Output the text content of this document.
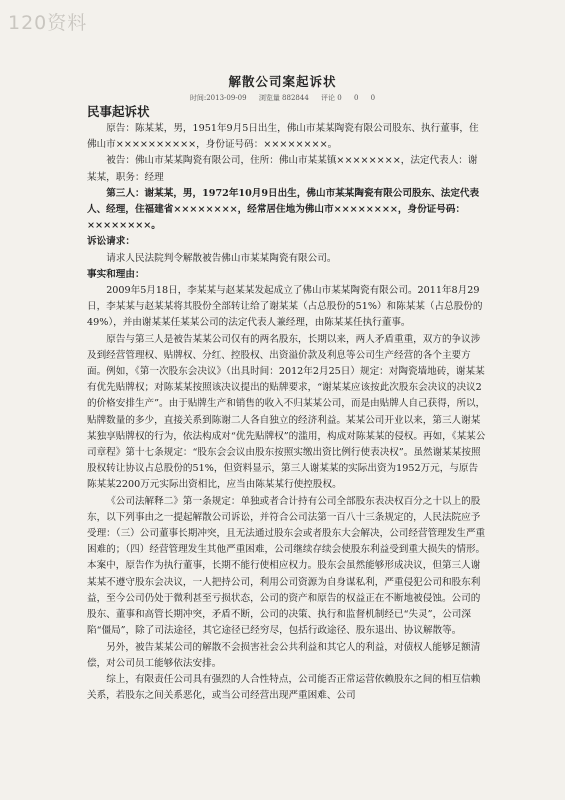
120资料
解散公司案起诉状
时间:2013-09-09 浏览量 882844 评论 0 0 0

民事起诉状

原告：陈某某，男，1951年9月5日出生，佛山市某某陶瓷有限公司股东、执行董事，住佛山市××××××××××，身份证号码：××××××××。

被告：佛山市某某陶瓷有限公司，住所：佛山市某某镇××××××××，法定代表人：谢某某，职务：经理

第三人：谢某某，男，1972年10月9日出生，佛山市某某陶瓷有限公司股东、法定代表人、经理，住福建省××××××××，经常居住地为佛山市××××××××，身份证号码：××××××××。

诉讼请求：

请求人民法院判令解散被告佛山市某某陶瓷有限公司。

事实和理由：

2009年5月18日，李某某与赵某某发起成立了佛山市某某陶瓷有限公司。2011年8月29日，李某某与赵某某将其股份全部转让给了谢某某（占总股份的51%）和陈某某（占总股份的49%），并由谢某某任某某公司的法定代表人兼经理，由陈某某任执行董事。

原告与第三人是被告某某公司仅有的两名股东，长期以来，两人矛盾重重，双方的争议涉及到经营管理权、贴牌权、分红、控股权、出资溢价款及利息等公司生产经营的各个主要方面。例如，《第一次股东会决议》（出具时间：2012年2月25日）规定：对陶瓷墙地砖，谢某某有优先贴牌权；对陈某某按照该决议提出的贴牌要求，“谢某某应该按此次股东会决议的决议2的价格安排生产”。由于贴牌生产和销售的收入不归某某公司，而是由贴牌人自己获得，所以，贴牌数量的多少，直接关系到陈谢二人各自独立的经济利益。某某公司开业以来，第三人谢某某独享贴牌权的行为，依法构成对“优先贴牌权”的滥用，构成对陈某某的侵权。再如，《某某公司章程》第十七条规定：“股东会会议由股东按照实缴出资比例行使表决权”。虽然谢某某按照股权转让协议占总股份的51%，但资料显示，第三人谢某某的实际出资为1952万元，与原告陈某某2200万元实际出资相比，应当由陈某某行使控股权。

《公司法解释二》第一条规定：单独或者合计持有公司全部股东表决权百分之十以上的股东，以下列事由之一提起解散公司诉讼，并符合公司法第一百八十三条规定的，人民法院应予受理：（三）公司董事长期冲突，且无法通过股东会或者股东大会解决，公司经营管理发生严重困难的；（四）经营管理发生其他严重困难，公司继续存续会使股东利益受到重大损失的情形。本案中，原告作为执行董事，长期不能行使相应权力。股东会虽然能够形成决议，但第三人谢某某不遵守股东会决议，一人把持公司，利用公司资源为自身谋私利，严重侵犯公司和股东利益，至今公司仍处于微利甚至亏损状态，公司的资产和原告的权益正在不断地被侵蚀。公司的股东、董事和高管长期冲突，矛盾不断，公司的决策、执行和监督机制经已“失灵”，公司深陷“僵局”，除了司法途径，其它途径已经穷尽，包括行政途径、股东退出、协议解散等。

另外，被告某某公司的解散不会损害社会公共利益和其它人的利益，对债权人能够足额清偿，对公司员工能够依法安排。

综上，有限责任公司具有强烈的人合性特点，公司能否正常运营依赖股东之间的相互信赖关系，若股东之间关系恶化，或当公司经营出现严重困难、公司
